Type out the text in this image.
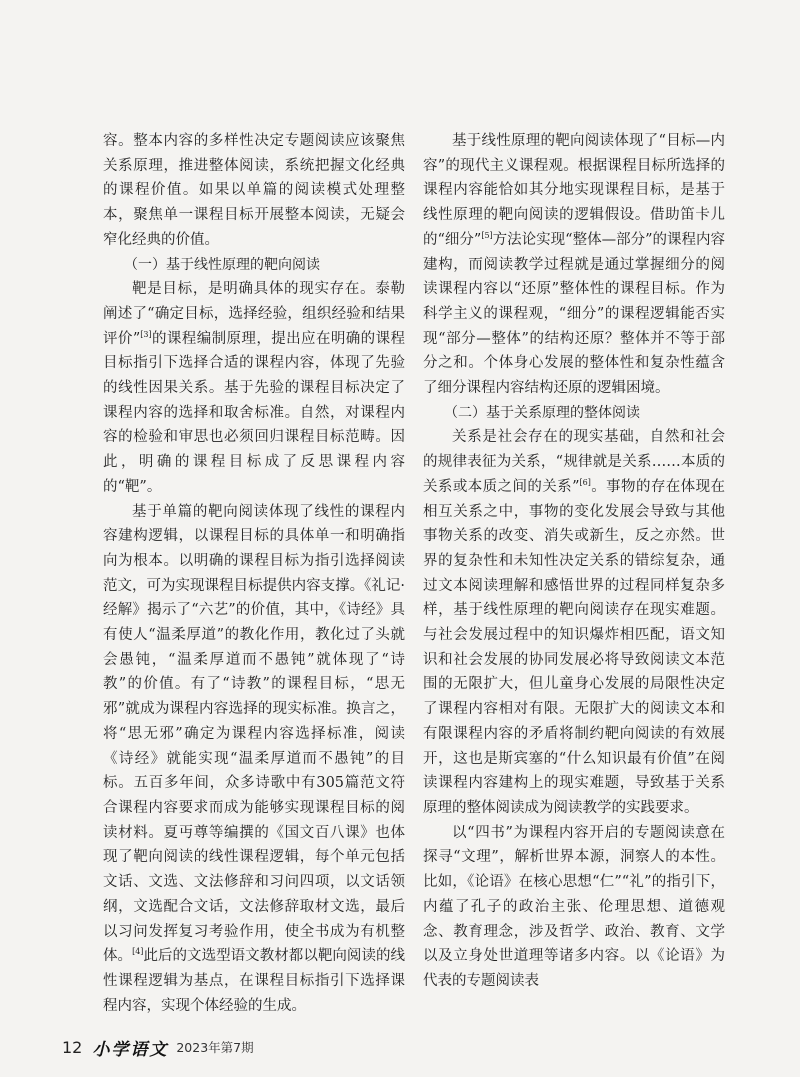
容。整本内容的多样性决定专题阅读应该聚焦关系原理，推进整体阅读，系统把握文化经典的课程价值。如果以单篇的阅读模式处理整本，聚焦单一课程目标开展整本阅读，无疑会窄化经典的价值。

（一）基于线性原理的靶向阅读

靶是目标，是明确具体的现实存在。泰勒阐述了“确定目标，选择经验，组织经验和结果评价”[3]的课程编制原理，提出应在明确的课程目标指引下选择合适的课程内容，体现了先验的线性因果关系。基于先验的课程目标决定了课程内容的选择和取舍标准。自然，对课程内容的检验和审思也必须回归课程目标范畴。因此，明确的课程目标成了反思课程内容的“靶”。

基于单篇的靶向阅读体现了线性的课程内容建构逻辑，以课程目标的具体单一和明确指向为根本。以明确的课程目标为指引选择阅读范文，可为实现课程目标提供内容支撑。《礼记·经解》揭示了“六艺”的价值，其中，《诗经》具有使人“温柔厚道”的教化作用，教化过了头就会愚钝，“温柔厚道而不愚钝”就体现了“诗教”的价值。有了“诗教”的课程目标，“思无邪”就成为课程内容选择的现实标准。换言之，将“思无邪”确定为课程内容选择标准，阅读《诗经》就能实现“温柔厚道而不愚钝”的目标。五百多年间，众多诗歌中有305篇范文符合课程内容要求而成为能够实现课程目标的阅读材料。夏丏尊等编撰的《国文百八课》也体现了靶向阅读的线性课程逻辑，每个单元包括文话、文选、文法修辞和习问四项，以文话领纲，文选配合文话，文法修辞取材文选，最后以习问发挥复习考验作用，使全书成为有机整体。[4]此后的文选型语文教材都以靶向阅读的线性课程逻辑为基点，在课程目标指引下选择课程内容，实现个体经验的生成。

基于线性原理的靶向阅读体现了“目标—内容”的现代主义课程观。根据课程目标所选择的课程内容能恰如其分地实现课程目标，是基于线性原理的靶向阅读的逻辑假设。借助笛卡儿的“细分”[5]方法论实现“整体—部分”的课程内容建构，而阅读教学过程就是通过掌握细分的阅读课程内容以“还原”整体性的课程目标。作为科学主义的课程观，“细分”的课程逻辑能否实现“部分—整体”的结构还原？整体并不等于部分之和。个体身心发展的整体性和复杂性蕴含了细分课程内容结构还原的逻辑困境。

（二）基于关系原理的整体阅读

关系是社会存在的现实基础，自然和社会的规律表征为关系，“规律就是关系……本质的关系或本质之间的关系”[6]。事物的存在体现在相互关系之中，事物的变化发展会导致与其他事物关系的改变、消失或新生，反之亦然。世界的复杂性和未知性决定关系的错综复杂，通过文本阅读理解和感悟世界的过程同样复杂多样，基于线性原理的靶向阅读存在现实难题。与社会发展过程中的知识爆炸相匹配，语文知识和社会发展的协同发展必将导致阅读文本范围的无限扩大，但儿童身心发展的局限性决定了课程内容相对有限。无限扩大的阅读文本和有限课程内容的矛盾将制约靶向阅读的有效展开，这也是斯宾塞的“什么知识最有价值”在阅读课程内容建构上的现实难题，导致基于关系原理的整体阅读成为阅读教学的实践要求。

以“四书”为课程内容开启的专题阅读意在探寻“文理”，解析世界本源，洞察人的本性。比如，《论语》在核心思想“仁”“礼”的指引下，内蕴了孔子的政治主张、伦理思想、道德观念、教育理念，涉及哲学、政治、教育、文学以及立身处世道理等诸多内容。以《论语》为代表的专题阅读表

12 小学语文 2023年第7期
